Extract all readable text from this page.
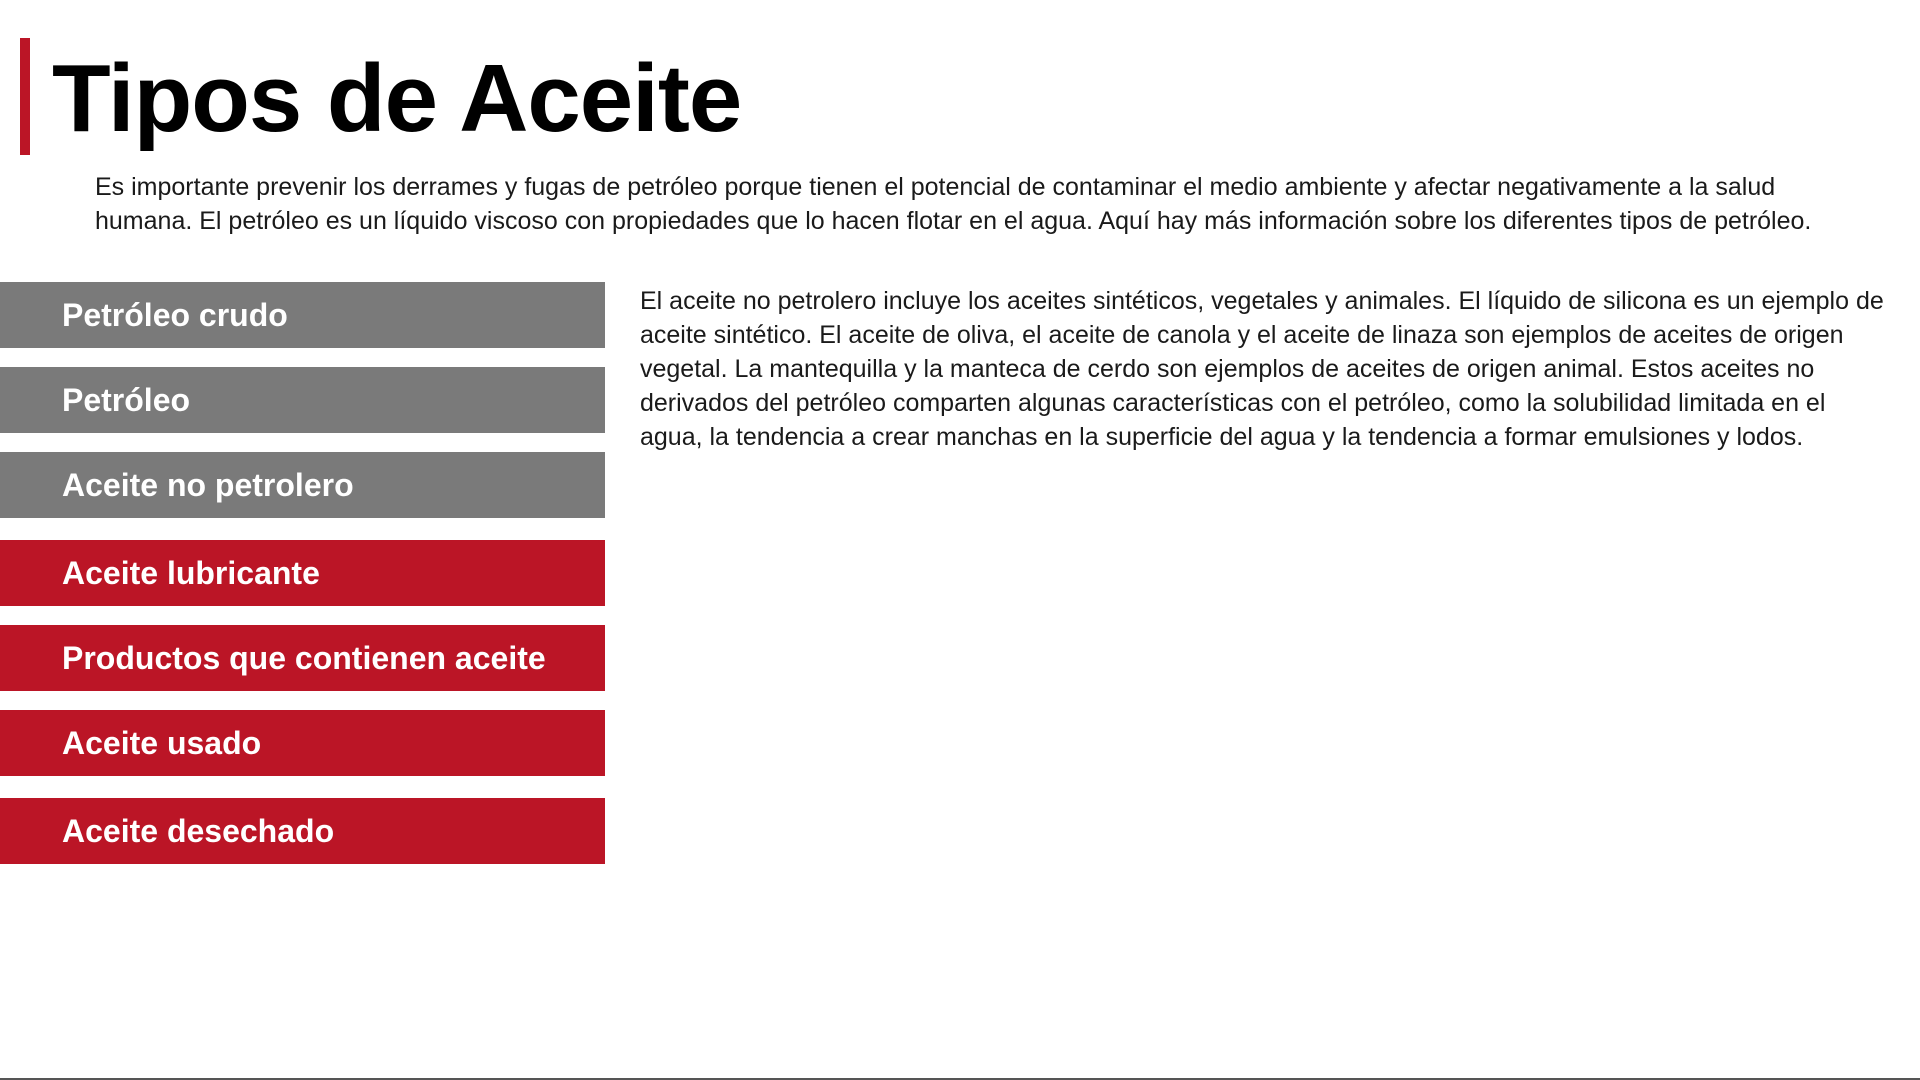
Tipos de Aceite

Es importante prevenir los derrames y fugas de petróleo porque tienen el potencial de contaminar el medio ambiente y afectar negativamente a la salud humana. El petróleo es un líquido viscoso con propiedades que lo hacen flotar en el agua. Aquí hay más información sobre los diferentes tipos de petróleo.

Petróleo crudo
Petróleo
Aceite no petrolero
Aceite lubricante
Productos que contienen aceite
Aceite usado
Aceite desechado

El aceite no petrolero incluye los aceites sintéticos, vegetales y animales. El líquido de silicona es un ejemplo de aceite sintético. El aceite de oliva, el aceite de canola y el aceite de linaza son ejemplos de aceites de origen vegetal. La mantequilla y la manteca de cerdo son ejemplos de aceites de origen animal. Estos aceites no derivados del petróleo comparten algunas características con el petróleo, como la solubilidad limitada en el agua, la tendencia a crear manchas en la superficie del agua y la tendencia a formar emulsiones y lodos.
